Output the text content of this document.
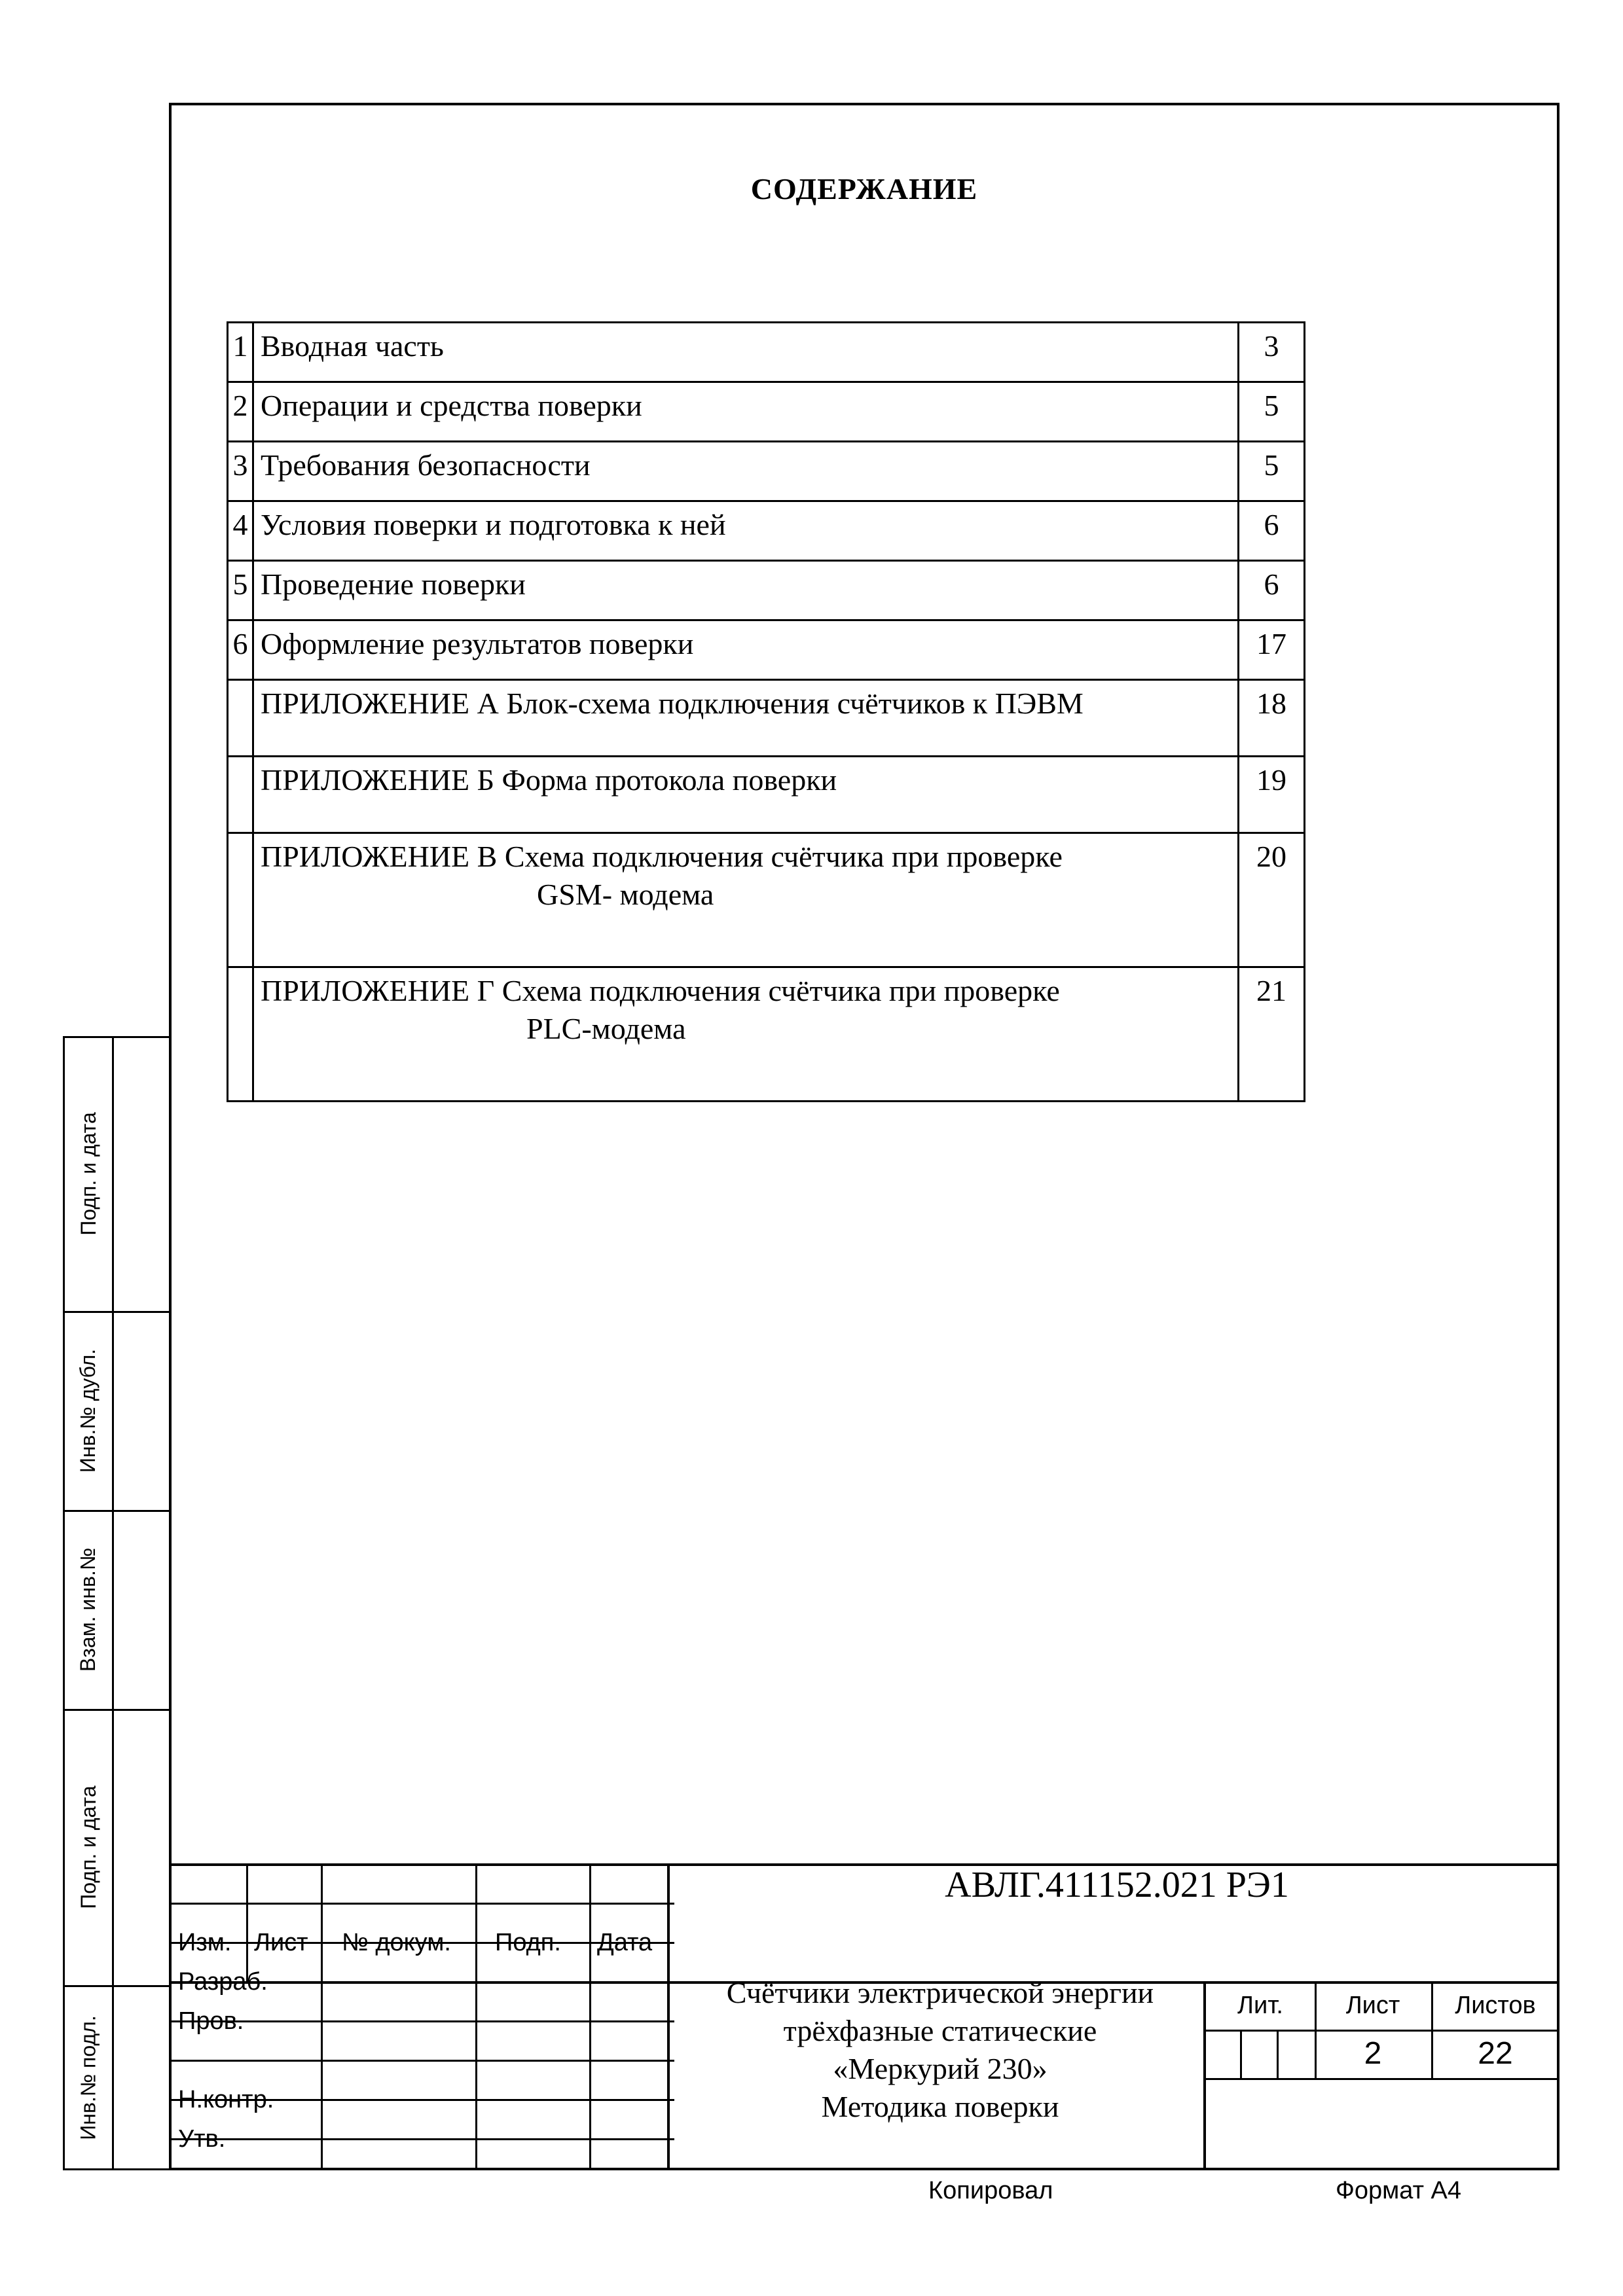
СОДЕРЖАНИЕ
1	Вводная часть	3
2	Операции и средства поверки	5
3	Требования безопасности	5
4	Условия поверки и подготовка к ней	6
5	Проведение поверки	6
6	Оформление результатов поверки	17
	ПРИЛОЖЕНИЕ А Блок-схема подключения счётчиков к ПЭВМ	18
	ПРИЛОЖЕНИЕ Б Форма протокола поверки	19
	ПРИЛОЖЕНИЕ В Схема подключения счётчика при проверке
GSM- модема	20
	ПРИЛОЖЕНИЕ Г Схема подключения счётчика при проверке
PLC-модема	21
Подп. и дата
Инв.№ дубл.
Взам. инв.№
Подп. и дата
Инв.№ подл.
Изм. Лист № докум. Подп. Дата
Разраб.
Пров.
Н.контр.
Утв.
АВЛГ.411152.021 РЭ1
Счётчики электрической энергии
трёхфазные статические
«Меркурий 230»
Методика поверки
Лит.	Лист	Листов
2	22
Копировал	Формат А4
